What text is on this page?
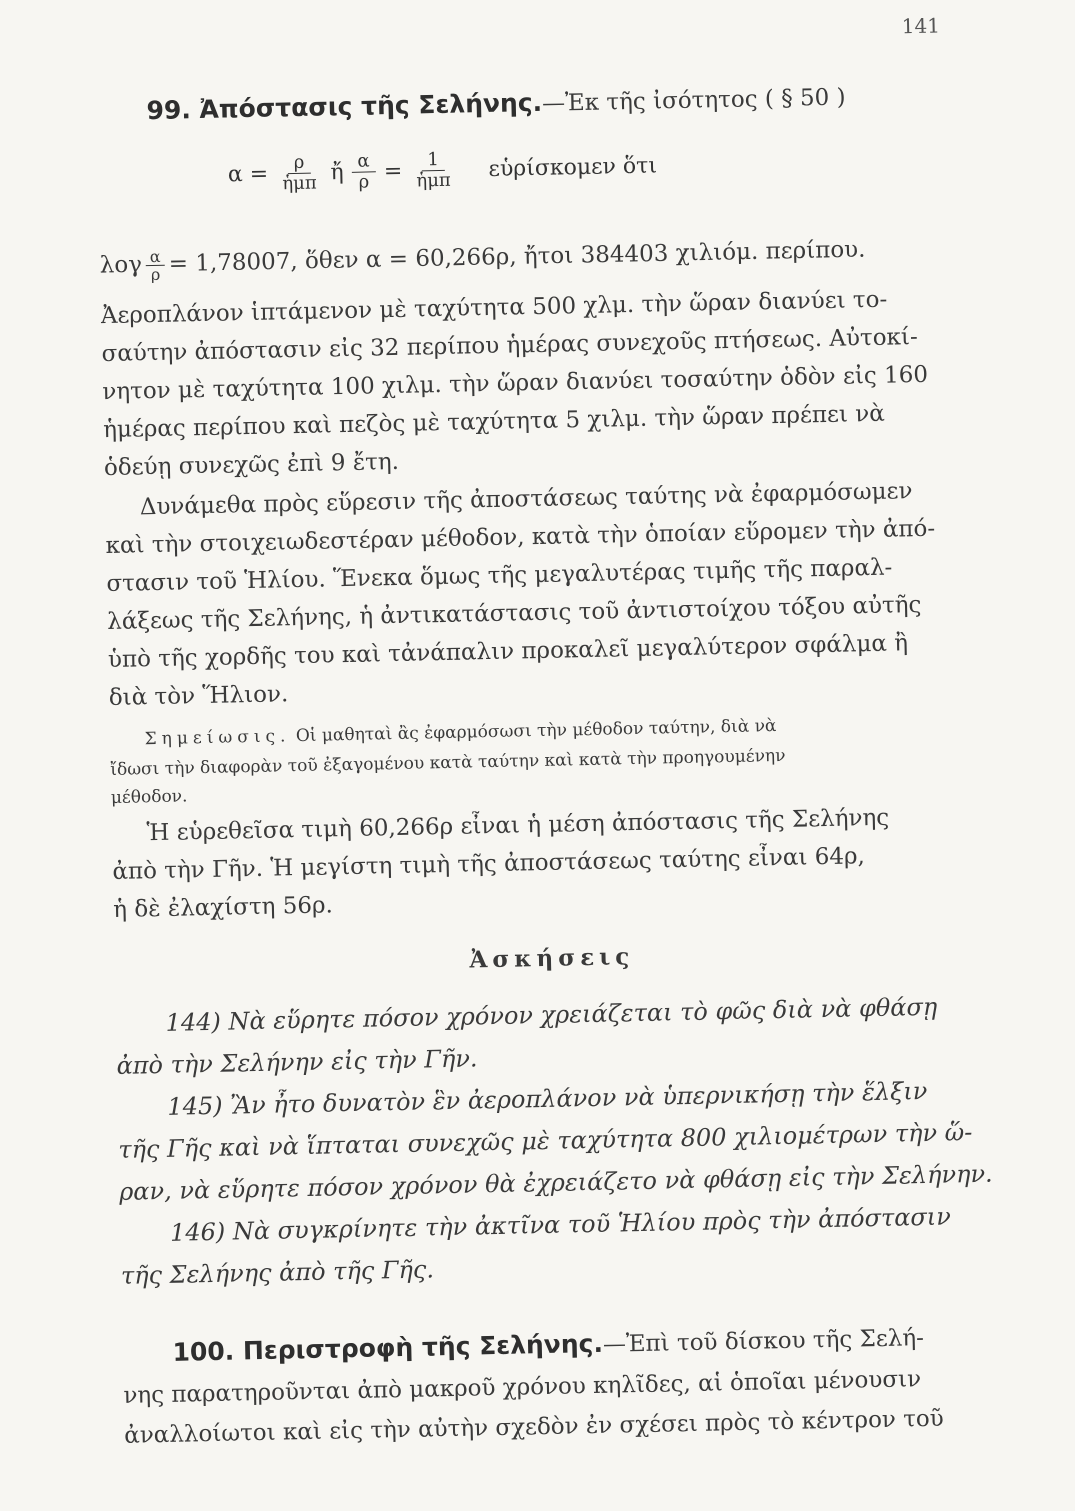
141
99. Ἀπόστασις τῆς Σελήνης.—Ἐκ τῆς ἰσότητος ( § 50 )
$\alpha = \frac{\rho}{\text{ἡμπ}}$ ἤ $\frac{\alpha}{\rho} = \frac{1}{\text{ἡμπ}}$ εὑρίσκομεν ὅτι
λογ $\frac{\alpha}{\rho} = 1,78007$, ὅθεν α = 60,266ρ, ἤτοι 384403 χιλιόμ. περίπου.
Ἀεροπλάνον ἱπτάμενον μὲ ταχύτητα 500 χλμ. τὴν ὥραν διανύει το-
σαύτην ἀπόστασιν εἰς 32 περίπου ἡμέρας συνεχοῦς πτήσεως. Αὐτοκί-
νητον μὲ ταχύτητα 100 χιλμ. τὴν ὥραν διανύει τοσαύτην ὁδὸν εἰς 160
ἡμέρας περίπου καὶ πεζὸς μὲ ταχύτητα 5 χιλμ. τὴν ὥραν πρέπει νὰ
ὁδεύῃ συνεχῶς ἐπὶ 9 ἔτη.
Δυνάμεθα πρὸς εὕρεσιν τῆς ἀποστάσεως ταύτης νὰ ἐφαρμόσωμεν
καὶ τὴν στοιχειωδεστέραν μέθοδον, κατὰ τὴν ὁποίαν εὕρομεν τὴν ἀπό-
στασιν τοῦ Ἡλίου. Ἕνεκα ὅμως τῆς μεγαλυτέρας τιμῆς τῆς παραλ-
λάξεως τῆς Σελήνης, ἡ ἀντικατάστασις τοῦ ἀντιστοίχου τόξου αὐτῆς
ὑπὸ τῆς χορδῆς του καὶ τἀνάπαλιν προκαλεῖ μεγαλύτερον σφάλμα ἢ
διὰ τὸν Ἥλιον.
Σημείωσις. Οἱ μαθηταὶ ἂς ἐφαρμόσωσι τὴν μέθοδον ταύτην, διὰ νὰ
ἴδωσι τὴν διαφορὰν τοῦ ἐξαγομένου κατὰ ταύτην καὶ κατὰ τὴν προηγουμένην
μέθοδον.
Ἡ εὑρεθεῖσα τιμὴ 60,266ρ εἶναι ἡ μέση ἀπόστασις τῆς Σελήνης
ἀπὸ τὴν Γῆν. Ἡ μεγίστη τιμὴ τῆς ἀποστάσεως ταύτης εἶναι 64ρ,
ἡ δὲ ἐλαχίστη 56ρ.
Ἀσκήσεις
144) Νὰ εὕρητε πόσον χρόνον χρειάζεται τὸ φῶς διὰ νὰ φθάσῃ
ἀπὸ τὴν Σελήνην εἰς τὴν Γῆν.
145) Ἂν ἦτο δυνατὸν ἓν ἀεροπλάνον νὰ ὑπερνικήσῃ τὴν ἕλξιν
τῆς Γῆς καὶ νὰ ἵπταται συνεχῶς μὲ ταχύτητα 800 χιλιομέτρων τὴν ὥ-
ραν, νὰ εὕρητε πόσον χρόνον θὰ ἐχρειάζετο νὰ φθάσῃ εἰς τὴν Σελήνην.
146) Νὰ συγκρίνητε τὴν ἀκτῖνα τοῦ Ἡλίου πρὸς τὴν ἀπόστασιν
τῆς Σελήνης ἀπὸ τῆς Γῆς.
100. Περιστροφὴ τῆς Σελήνης.—Ἐπὶ τοῦ δίσκου τῆς Σελή-
νης παρατηροῦνται ἀπὸ μακροῦ χρόνου κηλῖδες, αἱ ὁποῖαι μένουσιν
ἀναλλοίωτοι καὶ εἰς τὴν αὐτὴν σχεδὸν ἐν σχέσει πρὸς τὸ κέντρον τοῦ
